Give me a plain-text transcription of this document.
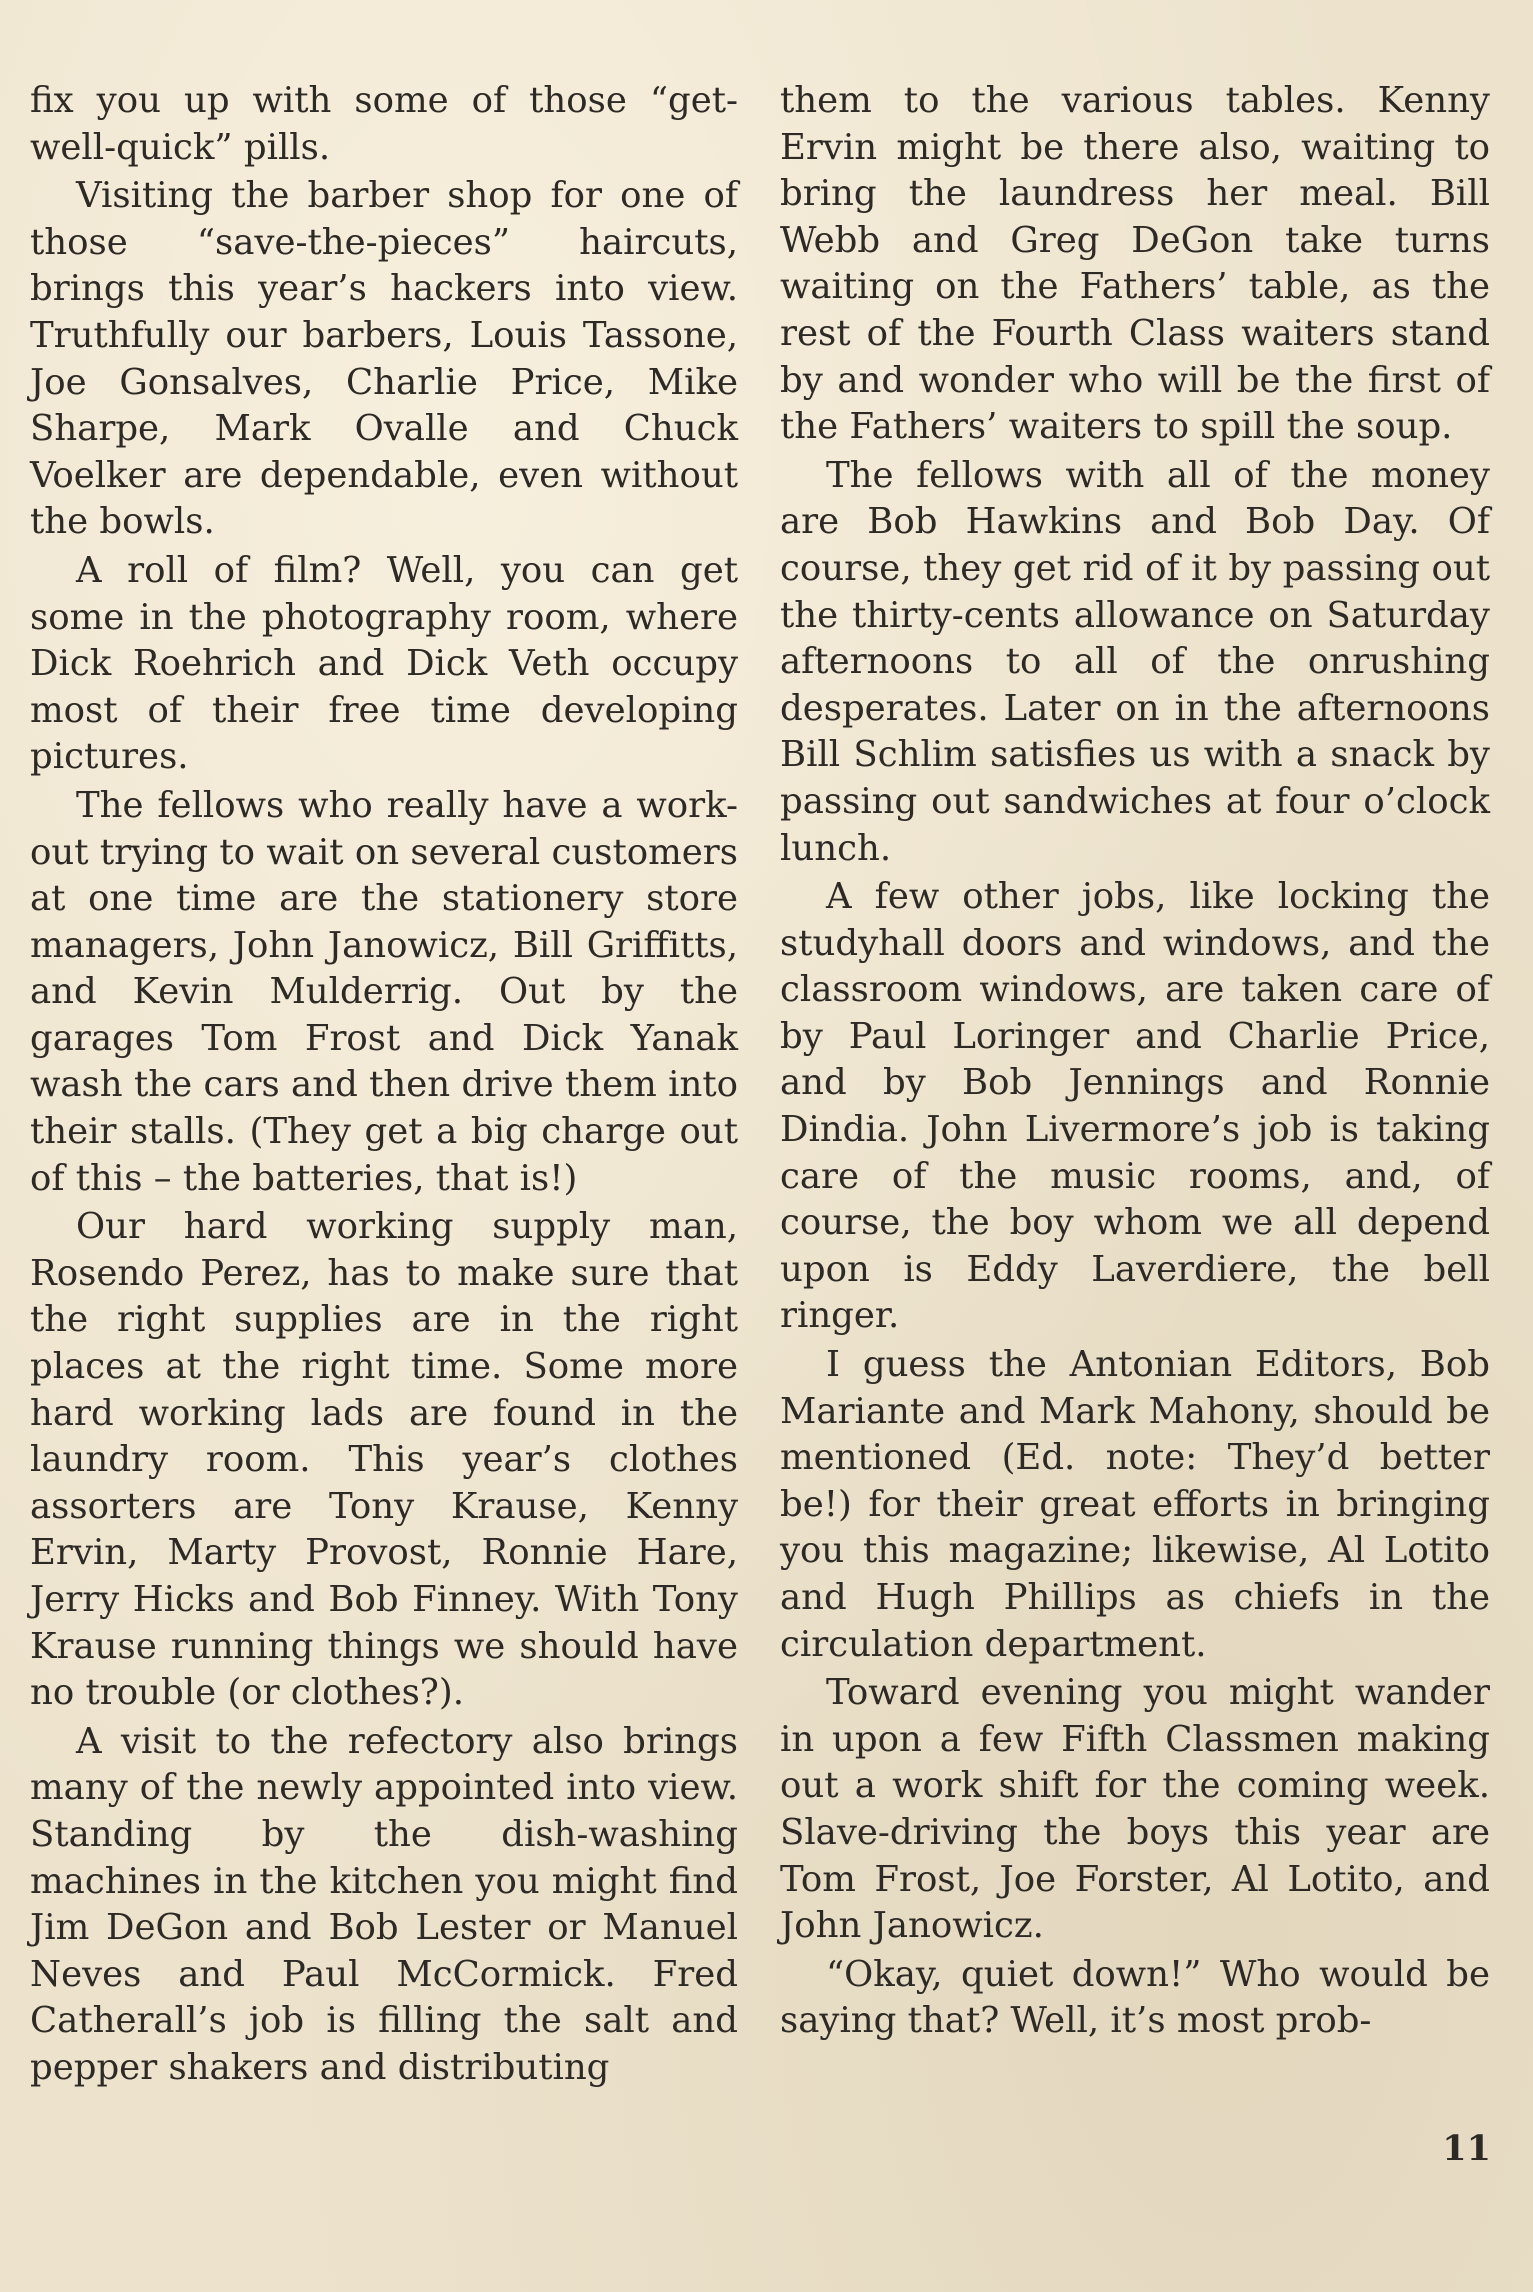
fix you up with some of those “get-well-quick” pills.

Visiting the barber shop for one of those “save-the-pieces” haircuts, brings this year’s hackers into view. Truthfully our barbers, Louis Tassone, Joe Gonsalves, Charlie Price, Mike Sharpe, Mark Ovalle and Chuck Voelker are dependable, even without the bowls.

A roll of film? Well, you can get some in the photography room, where Dick Roehrich and Dick Veth occupy most of their free time developing pictures.

The fellows who really have a work-out trying to wait on several customers at one time are the stationery store managers, John Janowicz, Bill Griffitts, and Kevin Mulderrig. Out by the garages Tom Frost and Dick Yanak wash the cars and then drive them into their stalls. (They get a big charge out of this – the batteries, that is!)

Our hard working supply man, Rosendo Perez, has to make sure that the right supplies are in the right places at the right time. Some more hard working lads are found in the laundry room. This year’s clothes assorters are Tony Krause, Kenny Ervin, Marty Provost, Ronnie Hare, Jerry Hicks and Bob Finney. With Tony Krause running things we should have no trouble (or clothes?).

A visit to the refectory also brings many of the newly appointed into view. Standing by the dish-washing machines in the kitchen you might find Jim DeGon and Bob Lester or Manuel Neves and Paul McCormick. Fred Catherall’s job is filling the salt and pepper shakers and distributing

them to the various tables. Kenny Ervin might be there also, waiting to bring the laundress her meal. Bill Webb and Greg DeGon take turns waiting on the Fathers’ table, as the rest of the Fourth Class waiters stand by and wonder who will be the first of the Fathers’ waiters to spill the soup.

The fellows with all of the money are Bob Hawkins and Bob Day. Of course, they get rid of it by passing out the thirty-cents allowance on Saturday afternoons to all of the onrushing desperates. Later on in the afternoons Bill Schlim satisfies us with a snack by passing out sandwiches at four o’clock lunch.

A few other jobs, like locking the studyhall doors and windows, and the classroom windows, are taken care of by Paul Loringer and Charlie Price, and by Bob Jennings and Ronnie Dindia. John Livermore’s job is taking care of the music rooms, and, of course, the boy whom we all depend upon is Eddy Laverdiere, the bell ringer.

I guess the Antonian Editors, Bob Mariante and Mark Mahony, should be mentioned (Ed. note: They’d better be!) for their great efforts in bringing you this magazine; likewise, Al Lotito and Hugh Phillips as chiefs in the circulation department.

Toward evening you might wander in upon a few Fifth Classmen making out a work shift for the coming week. Slave-driving the boys this year are Tom Frost, Joe Forster, Al Lotito, and John Janowicz.

“Okay, quiet down!” Who would be saying that? Well, it’s most prob-

11
